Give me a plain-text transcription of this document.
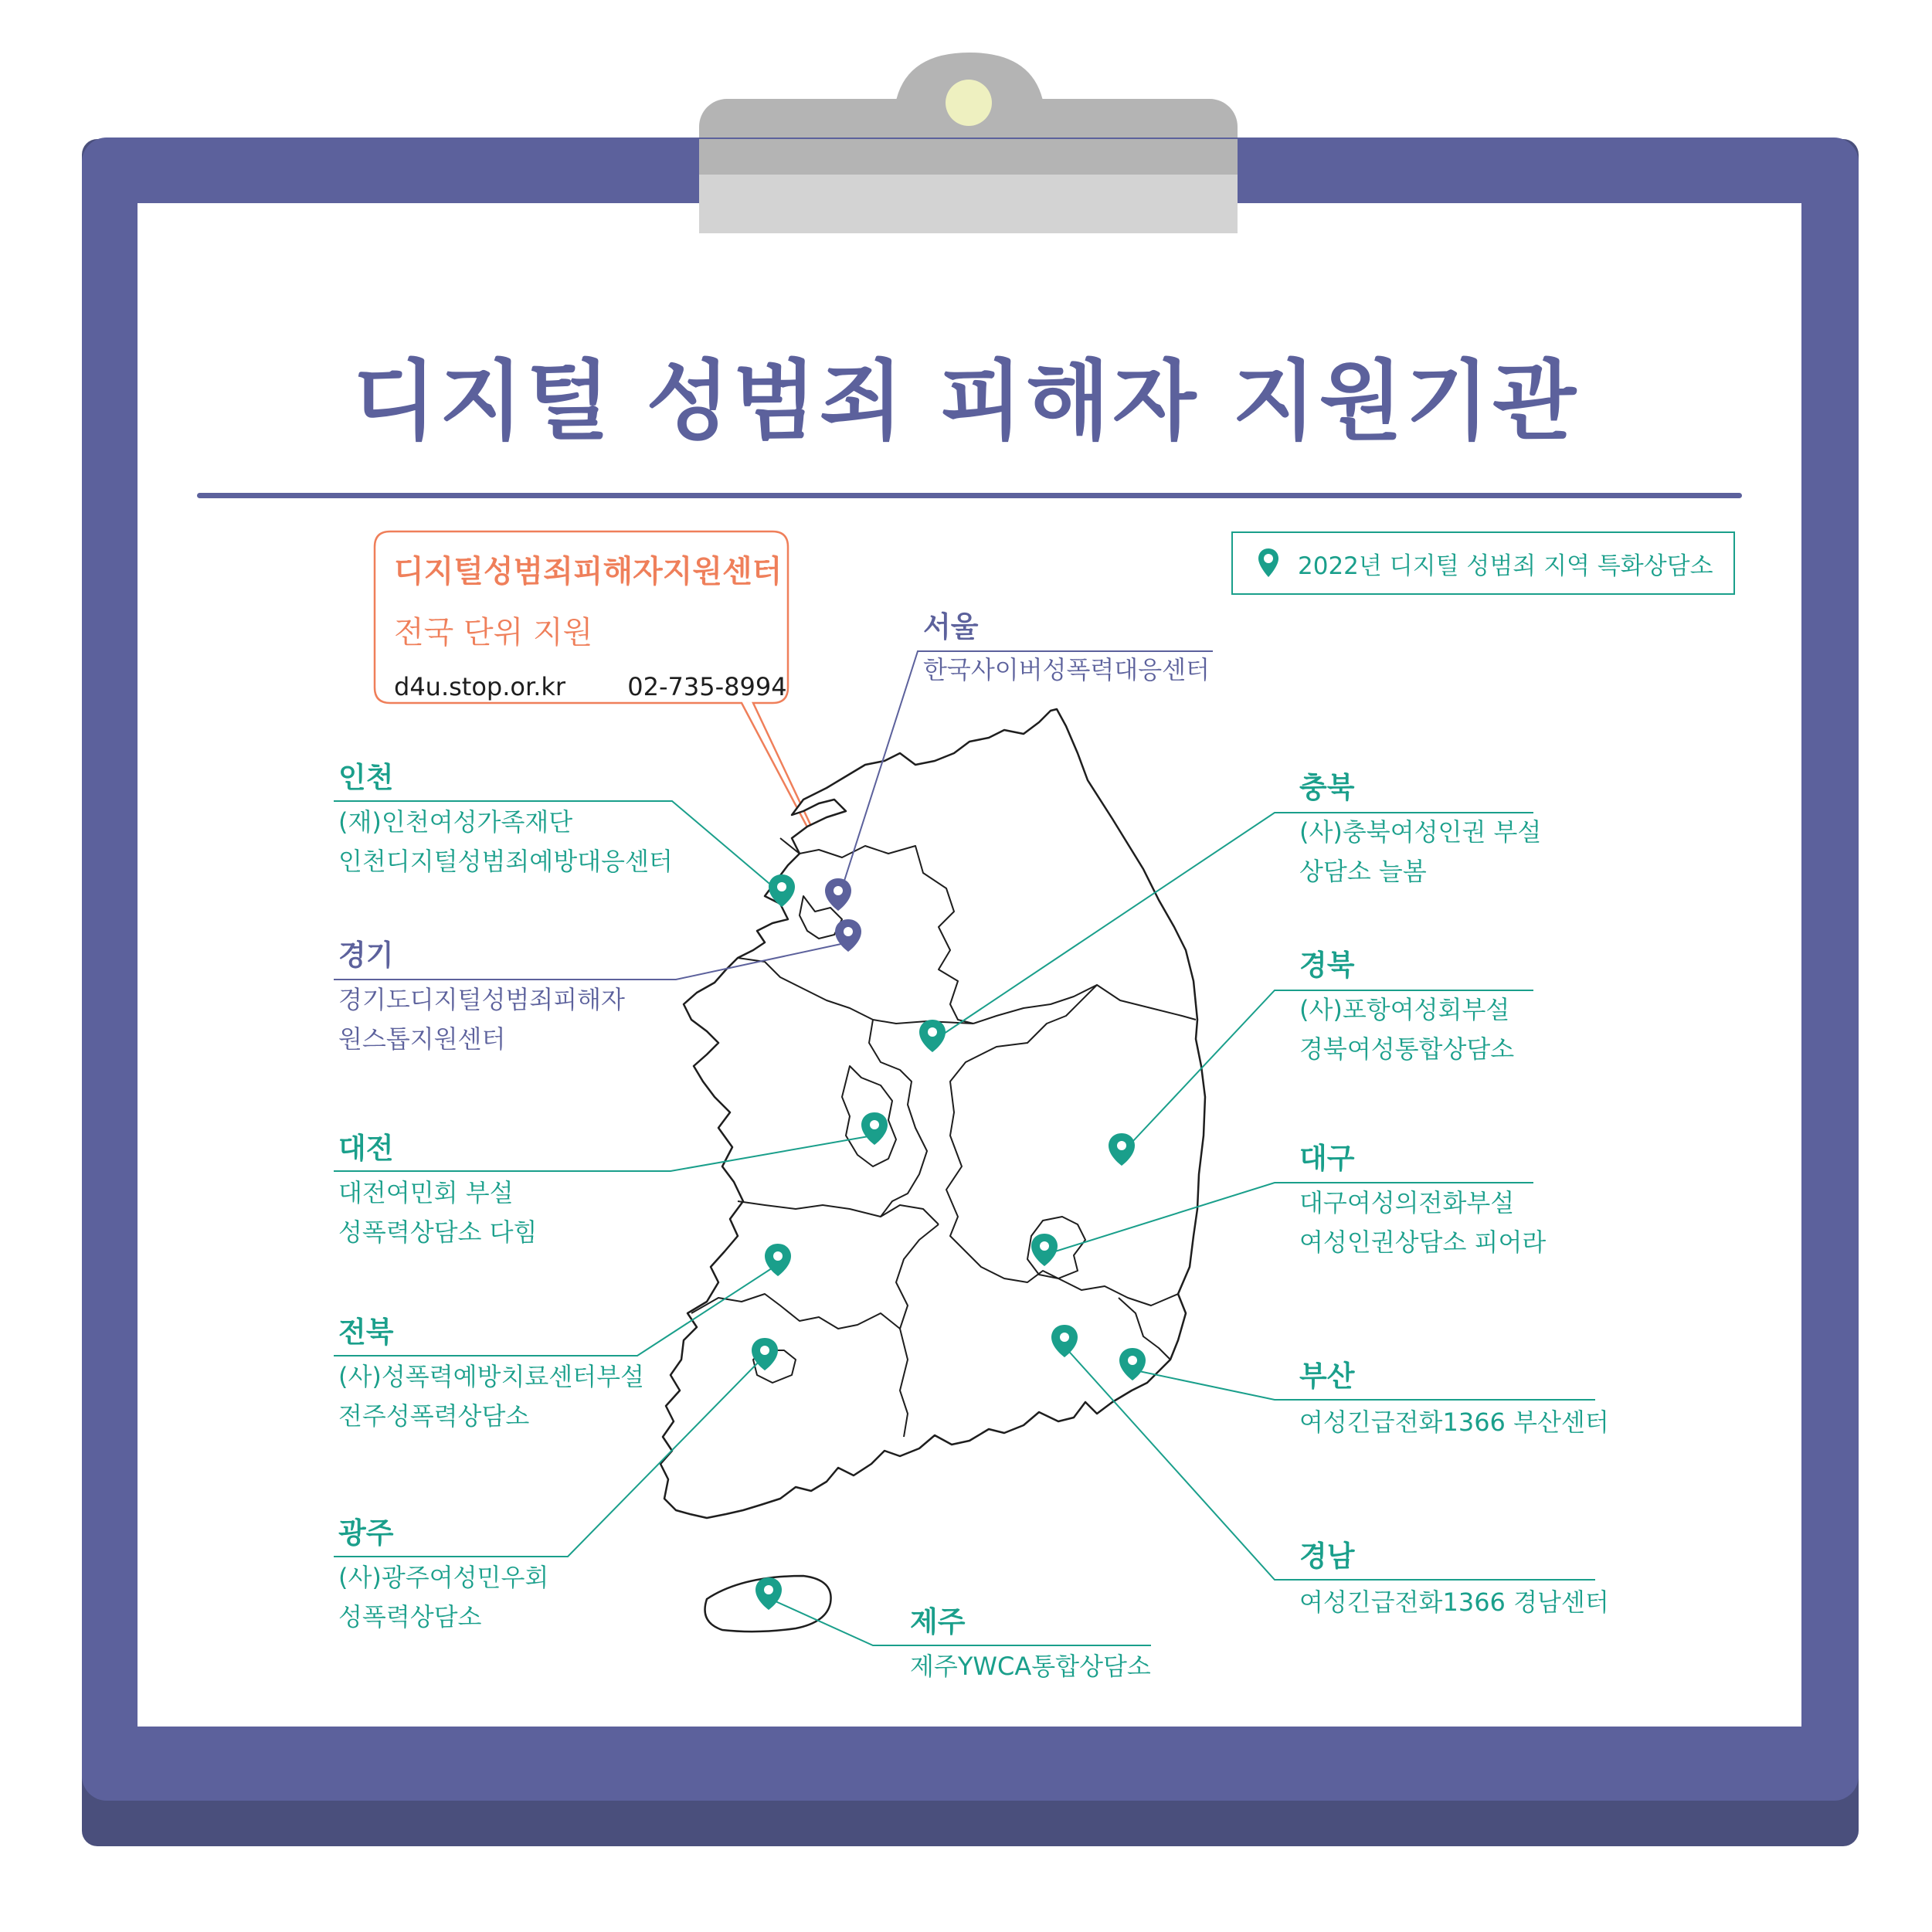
디지털 성범죄 피해자 지원기관
2022년 디지털 성범죄 지역 특화상담소
디지털성범죄피해자지원센터
전국 단위 지원
d4u.stop.or.kr	02-735-8994
서울
한국사이버성폭력대응센터
인천
(재)인천여성가족재단
인천디지털성범죄예방대응센터
경기
경기도디지털성범죄피해자
원스톱지원센터
대전
대전여민회 부설
성폭력상담소 다힘
전북
(사)성폭력예방치료센터부설
전주성폭력상담소
광주
(사)광주여성민우회
성폭력상담소	제주
제주YWCA통합상담소
충북
(사)충북여성인권 부설
상담소 늘봄
경북
(사)포항여성회부설
경북여성통합상담소
대구
대구여성의전화부설
여성인권상담소 피어라
부산
여성긴급전화1366 부산센터
경남
여성긴급전화1366 경남센터
